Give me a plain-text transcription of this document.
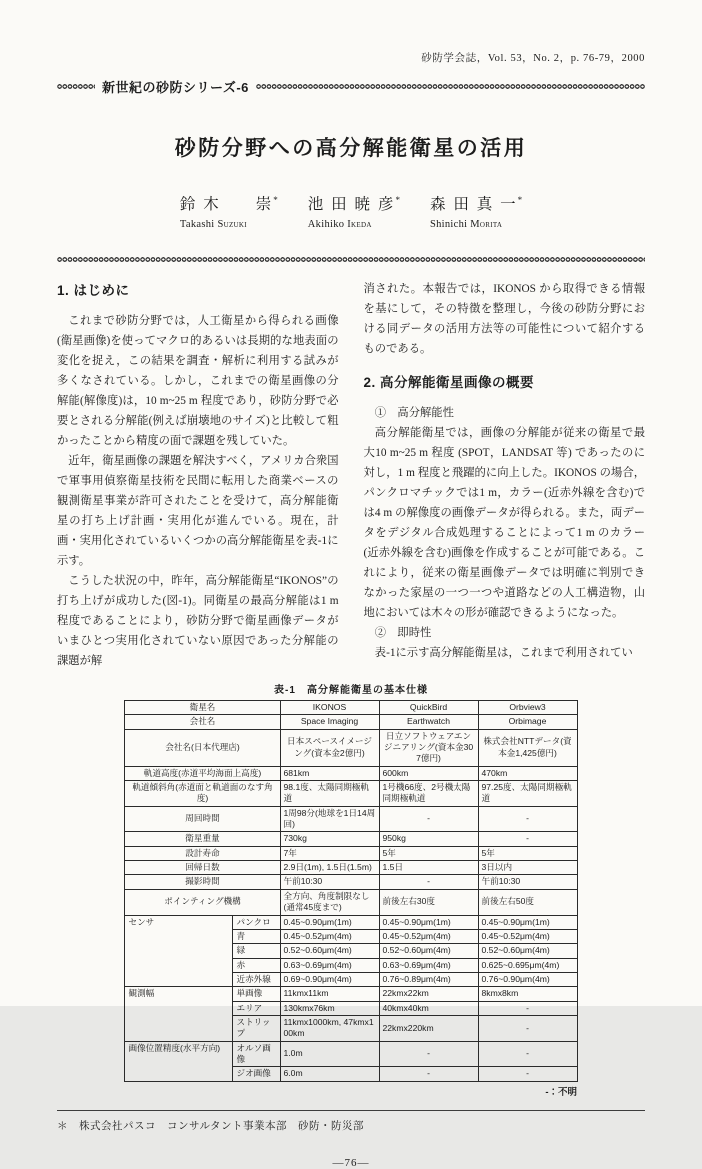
砂防学会誌，Vol. 53，No. 2，p. 76-79，2000
新世紀の砂防シリーズ-6
砂防分野への高分解能衛星の活用
鈴 木　　崇*
Takashi Suzuki
池 田 暁 彦*
Akihiko Ikeda
森 田 真 一*
Shinichi Morita
1. はじめに

これまで砂防分野では，人工衛星から得られる画像(衛星画像)を使ってマクロ的あるいは長期的な地表面の変化を捉え，この結果を調査・解析に利用する試みが多くなされている。しかし，これまでの衛星画像の分解能(解像度)は，10 m~25 m 程度であり，砂防分野で必要とされる分解能(例えば崩壊地のサイズ)と比較して粗かったことから精度の面で課題を残していた。

近年，衛星画像の課題を解決すべく，アメリカ合衆国で軍事用偵察衛星技術を民間に転用した商業ベースの観測衛星事業が許可されたことを受けて，高分解能衛星の打ち上げ計画・実用化が進んでいる。現在，計画・実用化されているいくつかの高分解能衛星を表-1に示す。

こうした状況の中，昨年，高分解能衛星“IKONOS”の打ち上げが成功した(図-1)。同衛星の最高分解能は1 m程度であることにより，砂防分野で衛星画像データがいまひとつ実用化されていない原因であった分解能の課題が解

消された。本報告では，IKONOS から取得できる情報を基にして，その特徴を整理し，今後の砂防分野における同データの活用方法等の可能性について紹介するものである。

2. 高分解能衛星画像の概要

①　高分解能性

高分解能衛星では，画像の分解能が従来の衛星で最大10 m~25 m 程度 (SPOT，LANDSAT 等) であったのに対し，1 m 程度と飛躍的に向上した。IKONOS の場合，パンクロマチックでは1 m，カラー(近赤外線を含む)では4 m の解像度の画像データが得られる。また，両データをデジタル合成処理することによって1 m のカラー(近赤外線を含む)画像を作成することが可能である。これにより，従来の衛星画像データでは明確に判別できなかった家屋の一つ一つや道路などの人工構造物，山地においては木々の形が確認できるようになった。

②　即時性

表-1に示す高分解能衛星は，これまで利用されてい

表-1　高分解能衛星の基本仕様
衛星名		IKONOS	QuickBird	Orbview3
会社名		Space Imaging	Earthwatch	Orbimage
会社名(日本代理店)		日本スペースイメージング(資本金2億円)	日立ソフトウェアエンジニアリング(資本金307億円)	株式会社NTTデータ(資本金1,425億円)
軌道高度(赤道平均海面上高度)		681km	600km	470km
軌道傾斜角(赤道面と軌道面のなす角度)		98.1度、太陽同期極軌道	1号機66度、2号機太陽同期極軌道	97.25度、太陽同期極軌道
周回時間		1周98分(地球を1日14周回)	-	-
衛星重量		730kg	950kg	-
設計寿命		7年	5年	5年
回帰日数		2.9日(1m), 1.5日(1.5m)	1.5日	3日以内
撮影時間		午前10:30	-	午前10:30
ポインティング機構		全方向、角度制限なし(通常45度まで)	前後左右30度	前後左右50度
センサ	パンクロ	0.45~0.90μm(1m)	0.45~0.90μm(1m)	0.45~0.90μm(1m)
	青	0.45~0.52μm(4m)	0.45~0.52μm(4m)	0.45~0.52μm(4m)
	緑	0.52~0.60μm(4m)	0.52~0.60μm(4m)	0.52~0.60μm(4m)
	赤	0.63~0.69μm(4m)	0.63~0.69μm(4m)	0.625~0.695μm(4m)
	近赤外線	0.69~0.90μm(4m)	0.76~0.89μm(4m)	0.76~0.90μm(4m)
観測幅	単画像	11kmx11km	22kmx22km	8kmx8km
	エリア	130kmx76km	40kmx40km	-
	ストリップ	11kmx1000km, 47kmx100km	22kmx220km	-
画像位置精度(水平方向)	オルソ画像	1.0m	-	-
	ジオ画像	6.0m	-	-
-：不明
＊　株式会社パスコ　コンサルタント事業本部　砂防・防災部
—76—
